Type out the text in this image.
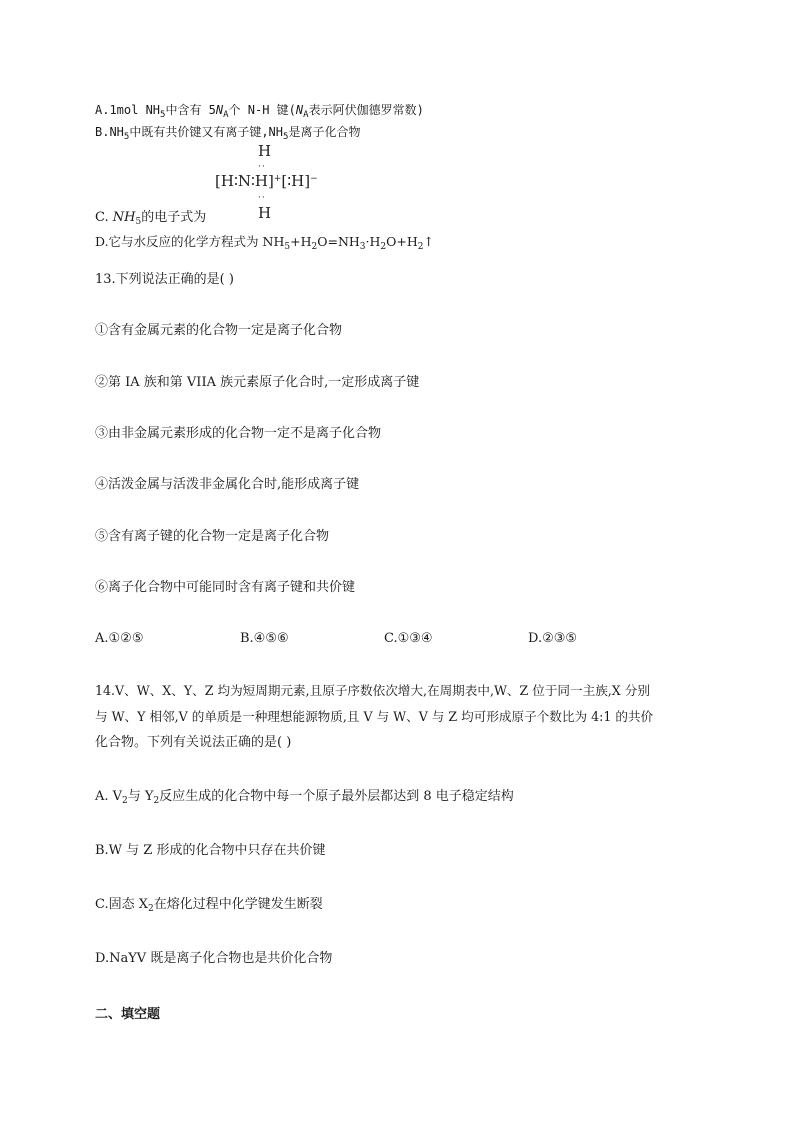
A.1mol $NH_5$中含有 $5N_A$个 N-H 键($N_A$表示阿伏伽德罗常数)
$B.NH_5$中既有共价键又有离子键$,NH_5$是离子化合物
H
··
[H∶N∶H]+[∶H]−
··
H
C. $NH_5$的电子式为
D.它与水反应的化学方程式为 $NH_5+H_2O=NH_3\cdot H_2O+H_2↑$
13.下列说法正确的是( )
①含有金属元素的化合物一定是离子化合物
②第 IA 族和第 VIIA 族元素原子化合时,一定形成离子键
③由非金属元素形成的化合物一定不是离子化合物
④活泼金属与活泼非金属化合时,能形成离子键
⑤含有离子键的化合物一定是离子化合物
⑥离子化合物中可能同时含有离子键和共价键
A.①②⑤	B.④⑤⑥	C.①③④	D.②③⑤
14.V、W、X、Y、Z 均为短周期元素,且原子序数依次增大,在周期表中,W、Z 位于同一主族,X 分别
与 W、Y 相邻,V 的单质是一种理想能源物质,且 V 与 W、V 与 Z 均可形成原子个数比为 4:1 的共价
化合物。下列有关说法正确的是( )
A. $V_2$与 $Y_2$反应生成的化合物中每一个原子最外层都达到 8 电子稳定结构
B.W 与 Z 形成的化合物中只存在共价键
C.固态 $X_2$在熔化过程中化学键发生断裂
D.NaYV 既是离子化合物也是共价化合物
二、填空题
